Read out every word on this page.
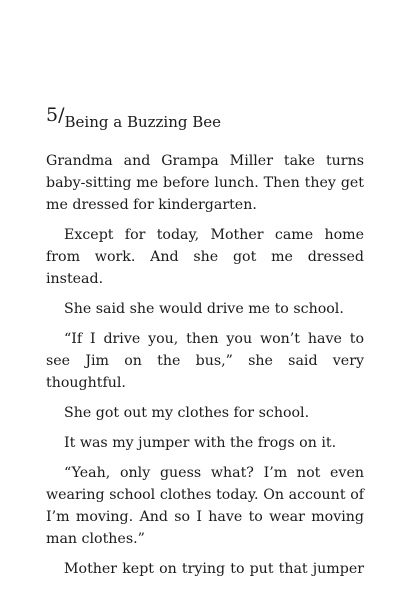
5/Being a Buzzing Bee

Grandma and Grampa Miller take turns baby-sitting me before lunch. Then they get me dressed for kindergarten.

Except for today, Mother came home from work. And she got me dressed instead.

She said she would drive me to school.

“If I drive you, then you won’t have to see Jim on the bus,” she said very thoughtful.

She got out my clothes for school.

It was my jumper with the frogs on it.

“Yeah, only guess what? I’m not even wearing school clothes today. On account of I’m moving. And so I have to wear moving man clothes.”

Mother kept on trying to put that jumper
